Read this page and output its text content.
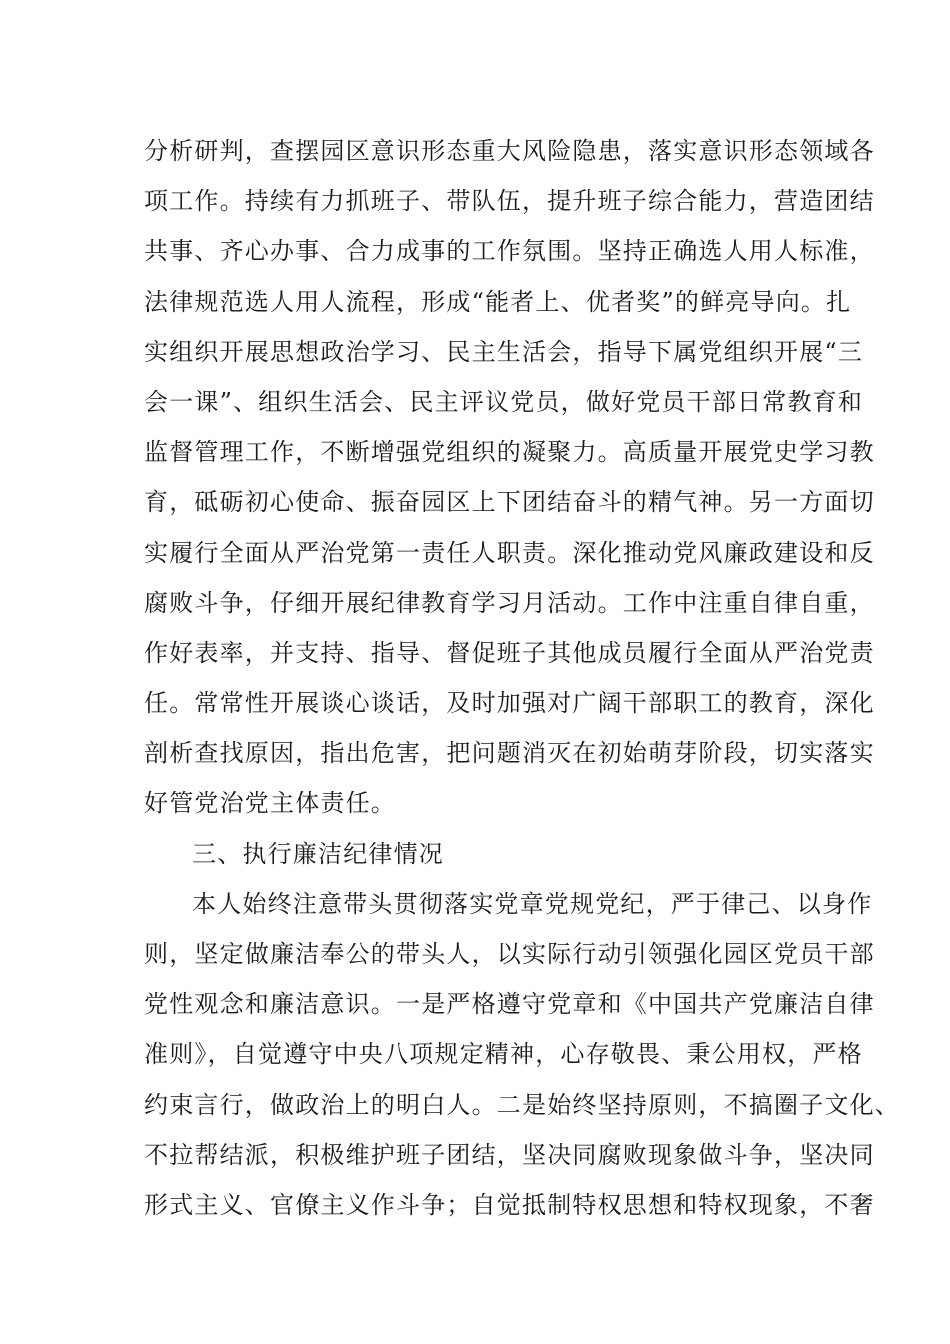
分析研判，查摆园区意识形态重大风险隐患，落实意识形态领域各
项工作。持续有力抓班子、带队伍，提升班子综合能力，营造团结
共事、齐心办事、合力成事的工作氛围。坚持正确选人用人标准，
法律规范选人用人流程，形成“能者上、优者奖”的鲜亮导向。扎
实组织开展思想政治学习、民主生活会，指导下属党组织开展“三
会一课”、组织生活会、民主评议党员，做好党员干部日常教育和
监督管理工作，不断增强党组织的凝聚力。高质量开展党史学习教
育，砥砺初心使命、振奋园区上下团结奋斗的精气神。另一方面切
实履行全面从严治党第一责任人职责。深化推动党风廉政建设和反
腐败斗争，仔细开展纪律教育学习月活动。工作中注重自律自重，
作好表率，并支持、指导、督促班子其他成员履行全面从严治党责
任。常常性开展谈心谈话，及时加强对广阔干部职工的教育，深化
剖析查找原因，指出危害，把问题消灭在初始萌芽阶段，切实落实
好管党治党主体责任。
三、执行廉洁纪律情况
本人始终注意带头贯彻落实党章党规党纪，严于律己、以身作
则，坚定做廉洁奉公的带头人，以实际行动引领强化园区党员干部
党性观念和廉洁意识。一是严格遵守党章和《中国共产党廉洁自律
准则》，自觉遵守中央八项规定精神，心存敬畏、秉公用权，严格
约束言行，做政治上的明白人。二是始终坚持原则，不搞圈子文化、
不拉帮结派，积极维护班子团结，坚决同腐败现象做斗争，坚决同
形式主义、官僚主义作斗争；自觉抵制特权思想和特权现象，不奢
